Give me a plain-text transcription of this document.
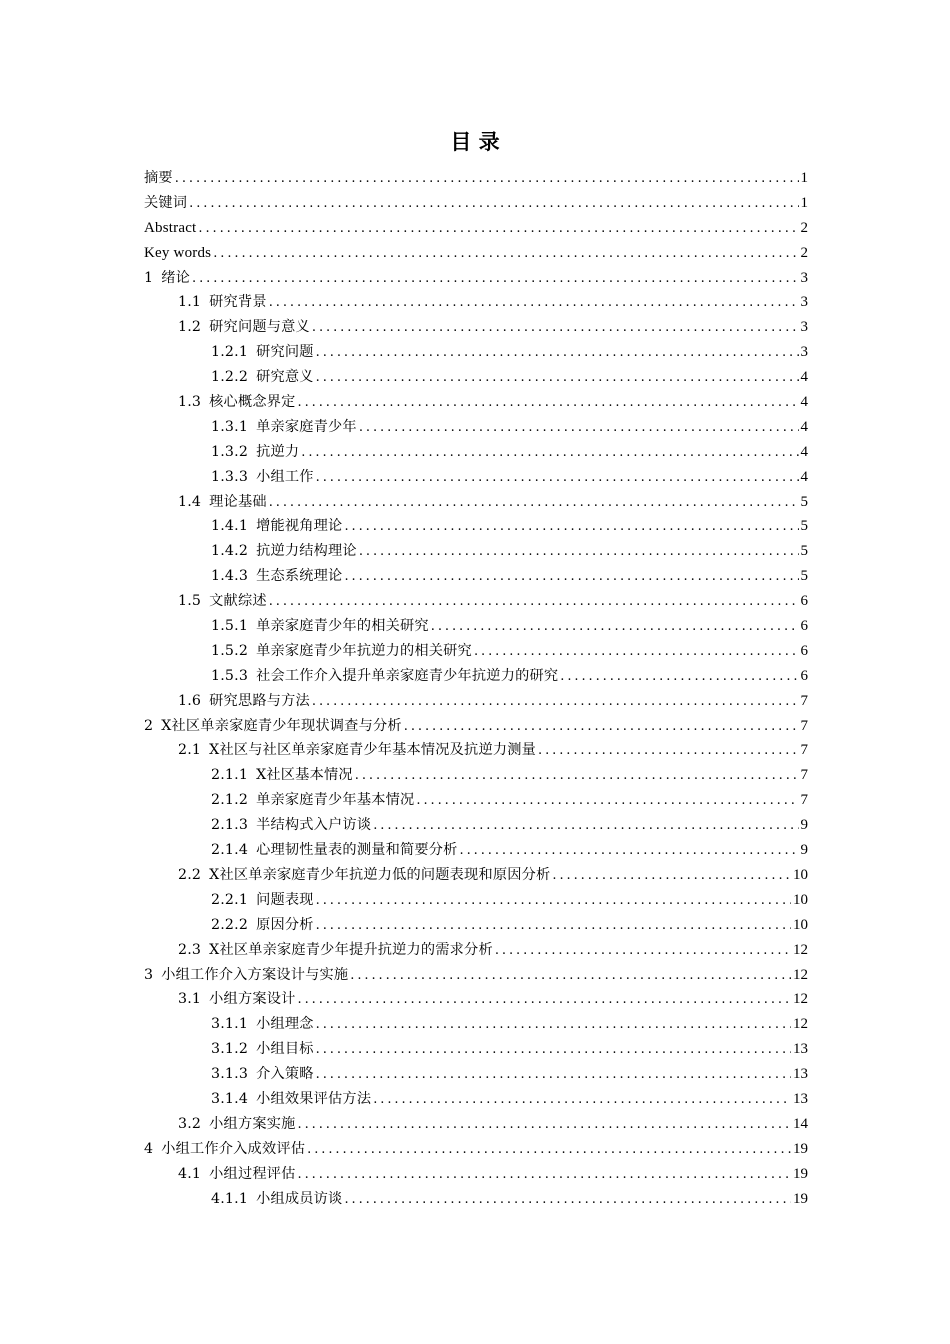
目 录
摘要 . . .	1
关键词 . . .	1
Abstract . . .	2
Key words . . .	2
1 绪论 . . .	3
1.1 研究背景 . . .	3
1.2 研究问题与意义 . . .	3
1.2.1 研究问题 . . .	3
1.2.2 研究意义 . . .	4
1.3 核心概念界定 . . .	4
1.3.1 单亲家庭青少年 . . .	4
1.3.2 抗逆力 . . .	4
1.3.3 小组工作 . . .	4
1.4 理论基础 . . .	5
1.4.1 增能视角理论 . . .	5
1.4.2 抗逆力结构理论 . . .	5
1.4.3 生态系统理论 . . .	5
1.5 文献综述 . . .	6
1.5.1 单亲家庭青少年的相关研究 . . .	6
1.5.2 单亲家庭青少年抗逆力的相关研究 . . .	6
1.5.3 社会工作介入提升单亲家庭青少年抗逆力的研究 . . .	6
1.6 研究思路与方法 . . .	7
2 X社区单亲家庭青少年现状调查与分析 . . .	7
2.1 X社区与社区单亲家庭青少年基本情况及抗逆力测量 . . .	7
2.1.1 X社区基本情况 . . .	7
2.1.2 单亲家庭青少年基本情况 . . .	7
2.1.3 半结构式入户访谈 . . .	9
2.1.4 心理韧性量表的测量和简要分析 . . .	9
2.2 X社区单亲家庭青少年抗逆力低的问题表现和原因分析 . . .	10
2.2.1 问题表现 . . .	10
2.2.2 原因分析 . . .	10
2.3 X社区单亲家庭青少年提升抗逆力的需求分析 . . .	12
3 小组工作介入方案设计与实施 . . .	12
3.1 小组方案设计 . . .	12
3.1.1 小组理念 . . .	12
3.1.2 小组目标 . . .	13
3.1.3 介入策略 . . .	13
3.1.4 小组效果评估方法 . . .	13
3.2 小组方案实施 . . .	14
4 小组工作介入成效评估 . . .	19
4.1 小组过程评估 . . .	19
4.1.1 小组成员访谈 . . .	19
